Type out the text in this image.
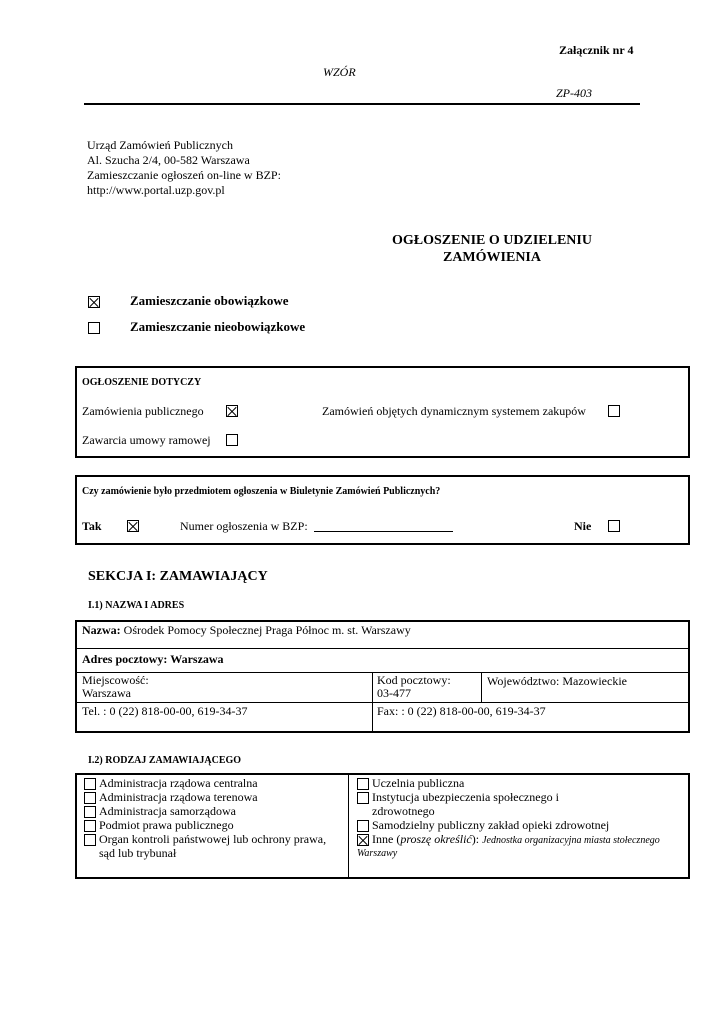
Załącznik nr 4
WZÓR
ZP-403
Urząd Zamówień Publicznych
Al. Szucha 2/4, 00-582 Warszawa
Zamieszczanie ogłoszeń on-line w BZP:
http://www.portal.uzp.gov.pl
OGŁOSZENIE O UDZIELENIU
ZAMÓWIENIA
Zamieszczanie obowiązkowe
Zamieszczanie nieobowiązkowe
OGŁOSZENIE DOTYCZY
Zamówienia publicznego	Zamówień objętych dynamicznym systemem zakupów
Zawarcia umowy ramowej
Czy zamówienie było przedmiotem ogłoszenia w Biuletynie Zamówień Publicznych?
Tak	Numer ogłoszenia w BZP:	Nie
SEKCJA I: ZAMAWIAJĄCY
I.1) NAZWA I ADRES
Nazwa: Ośrodek Pomocy Społecznej Praga Północ m. st. Warszawy
Adres pocztowy: Warszawa
Miejscowość:
Warszawa
Kod pocztowy:
03-477
Województwo: Mazowieckie
Tel. : 0 (22) 818-00-00, 619-34-37	Fax: : 0 (22) 818-00-00, 619-34-37
I.2) RODZAJ ZAMAWIAJĄCEGO
Administracja rządowa centralna
Administracja rządowa terenowa
Administracja samorządowa
Podmiot prawa publicznego
Organ kontroli państwowej lub ochrony prawa,
sąd lub trybunał
Uczelnia publiczna
Instytucja ubezpieczenia społecznego i
zdrowotnego
Samodzielny publiczny zakład opieki zdrowotnej
Inne (proszę określić): Jednostka organizacyjna miasta stołecznego
Warszawy
